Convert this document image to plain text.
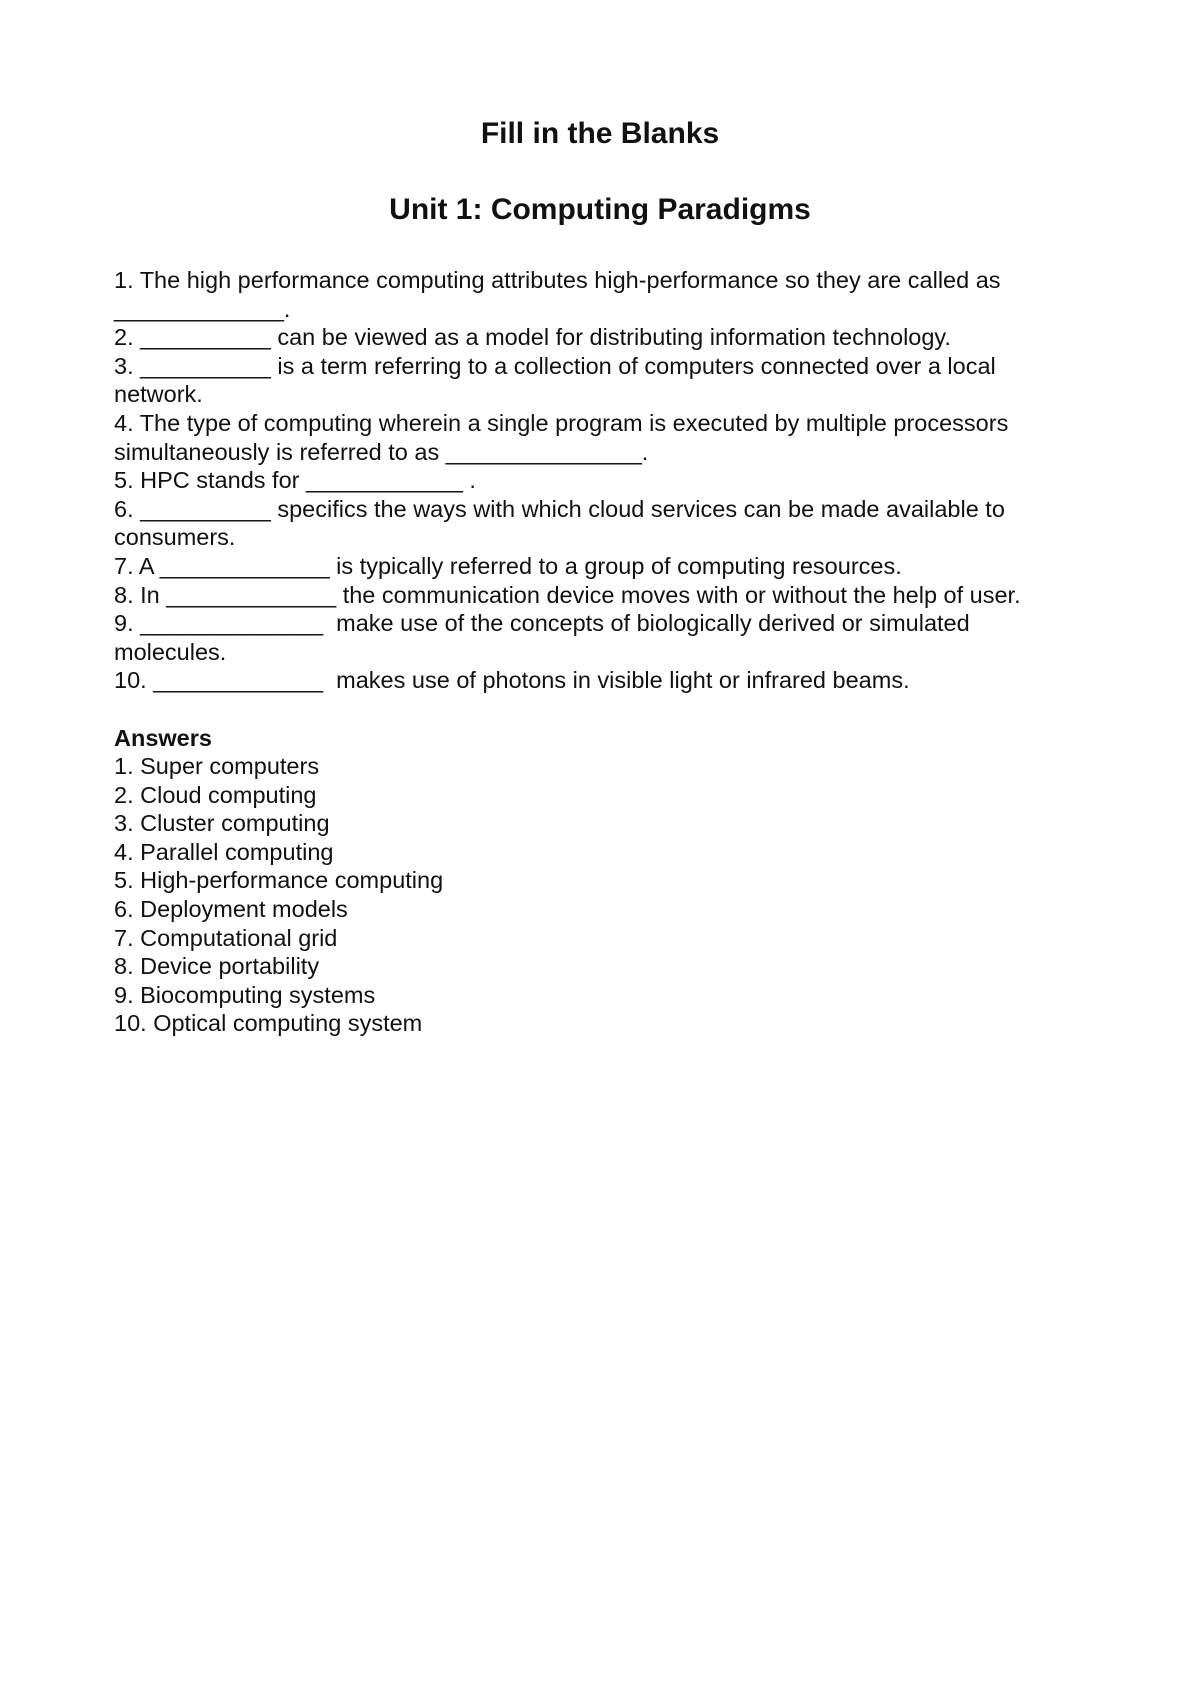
Fill in the Blanks
Unit 1: Computing Paradigms
1. The high performance computing attributes high-performance so they are called as
_____________.
2. __________ can be viewed as a model for distributing information technology.
3. __________ is a term referring to a collection of computers connected over a local
network.
4. The type of computing wherein a single program is executed by multiple processors
simultaneously is referred to as _______________.
5. HPC stands for ____________ .
6. __________ specifics the ways with which cloud services can be made available to
consumers.
7. A _____________ is typically referred to a group of computing resources.
8. In _____________ the communication device moves with or without the help of user.
9. ______________  make use of the concepts of biologically derived or simulated
molecules.
10. _____________  makes use of photons in visible light or infrared beams.
Answers
1. Super computers
2. Cloud computing
3. Cluster computing
4. Parallel computing
5. High-performance computing
6. Deployment models
7. Computational grid
8. Device portability
9. Biocomputing systems
10. Optical computing system
